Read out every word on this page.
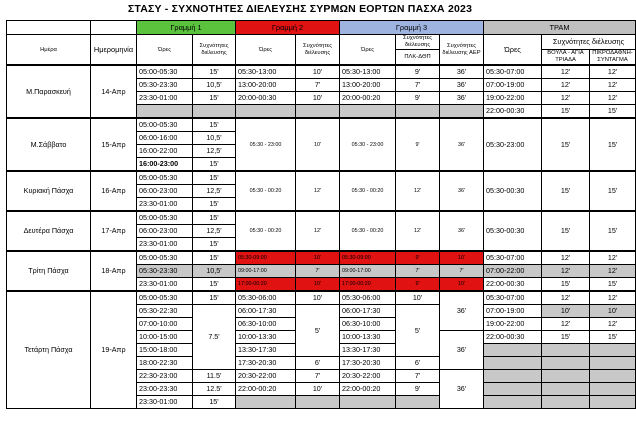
ΣΤΑΣΥ - ΣΥΧΝΟΤΗΤΕΣ ΔΙΕΛΕΥΣΗΣ ΣΥΡΜΩΝ ΕΟΡΤΩΝ ΠΑΣΧΑ 2023
		Γραμμή 1		Γραμμή 2		Γραμμή 3			ΤΡΑΜ		
Ημέρα	Ημερομηνία	Ώρες	Συχνότητες διέλευσης	Ώρες	Συχνότητες διέλευσης	Ώρες	Συχνότητες διέλευσης	Συχνότητες διέλευσης ΑΕΡ	Ώρες	Συχνότητες διέλευσης	
							ΠΛΚ-ΔΘΠ			ΒΟΥΛΑ - ΑΓΙΑ ΤΡΙΑΔΑ	ΠΙΚΡΟΔΑΦΝΗ-ΣΥΝΤΑΓΜΑ
Μ.Παρασκευή	14-Απρ	05:00-05:30	15'	05:30-13:00	10'	05:30-13:00	9'	36'	05:30-07:00	12'	12'
		05:30-23:30	10,5'	13:00-20:00	7'	13:00-20:00	7'	36'	07:00-19:00	12'	12'
		23:30-01:00	15'	20:00-00:30	10'	20:00-00:20	9'	36'	19:00-22:00	12'	12'
									22:00-00:30	15'	15'
Μ.Σάββατο	15-Απρ	05:00-05:30	15'	05:30 - 23:00	10'	05:30 - 23:00	9'	36'	05:30-23:00	15'	15'
		06:00-16:00	10,5'								
		16:00-22:00	12,5'								
		16:00-23:00	15'								
Κυριακή Πάσχα	16-Απρ	05:00-05:30	15'	05:30 - 00:20	12'	05:30 - 00:20	12'	36'	05:30-00:30	15'	15'
		06:00-23:00	12,5'								
		23:30-01:00	15'								
Δευτέρα Πάσχα	17-Απρ	05:00-05:30	15'	05:30 - 00:20	12'	05:30 - 00:20	12'	36'	05:30-00:30	15'	15'
		06:00-23:00	12,5'								
		23:30-01:00	15'								
Τρίτη Πάσχα	18-Απρ	05:00-05:30	15'	05:30-09:00	10'	05:30-09:00	9'	10'	05:30-07:00	12'	12'
		05:30-23:30	10,5'	09:00-17:00	7'	09:00-17:00	7'	7'	07:00-22:00	12'	12'
		23:30-01:00	15'	17:00-00:20	10'	17:00-00:20	9'	10'	22:00-00:30	15'	15'
Τετάρτη Πάσχα	19-Απρ	05:00-05:30	15'	05:30-06:00	10'	05:30-06:00	10'	36'	05:30-07:00	12'	12'
		05:30-22:30	7.5'	06:00-17:30	5'	06:00-17:30	5'		07:00-19:00	10'	10'
		07:00-10:00		06:30-10:00		06:30-10:00			19:00-22:00	12'	12'
		10:00-15:00		10:00-13:30		10:00-13:30		36'	22:00-00:30	15'	15'
		15:00-18:00		13:30-17:30		13:30-17:30					
		18:00-22:30		17:30-20:30	6'	17:30-20:30	6'				
		22:30-23:00	11.5'	20:30-22:00	7'	20:30-22:00	7'	36'			
		23:00-23:30	12.5'	22:00-00:20	10'	22:00-00:20	9'				
		23:30-01:00	15'								
